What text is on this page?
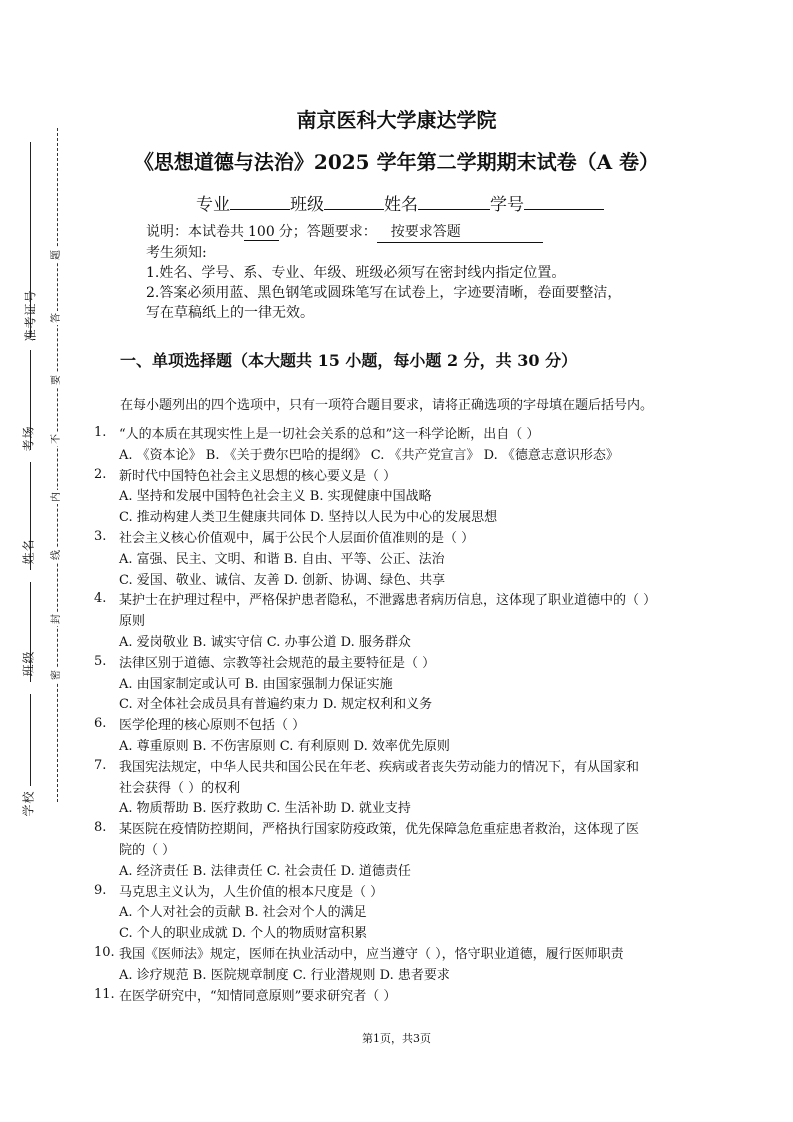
准考证号
考场
姓名
班级
学校
题
答
要
不
内
线
封
密
南京医科大学康达学院
《思想道德与法治》2025 学年第二学期期末试卷（A 卷）
专业	班级	姓名	学号

说明：本试卷共 100 分；答题要求： 按要求答题

考生须知:

1.姓名、学号、系、专业、年级、班级必须写在密封线内指定位置。

2.答案必须用蓝、黑色钢笔或圆珠笔写在试卷上，字迹要清晰，卷面要整洁，

写在草稿纸上的一律无效。

一、单项选择题（本大题共 15 小题，每小题 2 分，共 30 分）
在每小题列出的四个选项中，只有一项符合题目要求，请将正确选项的字母填在题后括号内。
1. “人的本质在其现实性上是一切社会关系的总和”这一科学论断，出自（ ）
A. 《资本论》 B. 《关于费尔巴哈的提纲》 C. 《共产党宣言》 D. 《德意志意识形态》
2. 新时代中国特色社会主义思想的核心要义是（ ）
A. 坚持和发展中国特色社会主义 B. 实现健康中国战略
C. 推动构建人类卫生健康共同体 D. 坚持以人民为中心的发展思想
3. 社会主义核心价值观中，属于公民个人层面价值准则的是（ ）
A. 富强、民主、文明、和谐 B. 自由、平等、公正、法治
C. 爱国、敬业、诚信、友善 D. 创新、协调、绿色、共享
4. 某护士在护理过程中，严格保护患者隐私，不泄露患者病历信息，这体现了职业道德中的（ ）
原则
A. 爱岗敬业 B. 诚实守信 C. 办事公道 D. 服务群众
5. 法律区别于道德、宗教等社会规范的最主要特征是（ ）
A. 由国家制定或认可 B. 由国家强制力保证实施
C. 对全体社会成员具有普遍约束力 D. 规定权利和义务
6. 医学伦理的核心原则不包括（ ）
A. 尊重原则 B. 不伤害原则 C. 有利原则 D. 效率优先原则
7. 我国宪法规定，中华人民共和国公民在年老、疾病或者丧失劳动能力的情况下，有从国家和
社会获得（ ）的权利
A. 物质帮助 B. 医疗救助 C. 生活补助 D. 就业支持
8. 某医院在疫情防控期间，严格执行国家防疫政策，优先保障急危重症患者救治，这体现了医
院的（ ）
A. 经济责任 B. 法律责任 C. 社会责任 D. 道德责任
9. 马克思主义认为，人生价值的根本尺度是（ ）
A. 个人对社会的贡献 B. 社会对个人的满足
C. 个人的职业成就 D. 个人的物质财富积累
10. 我国《医师法》规定，医师在执业活动中，应当遵守（ ），恪守职业道德，履行医师职责
A. 诊疗规范 B. 医院规章制度 C. 行业潜规则 D. 患者要求
11. 在医学研究中，“知情同意原则”要求研究者（ ）
第1页，共3页
